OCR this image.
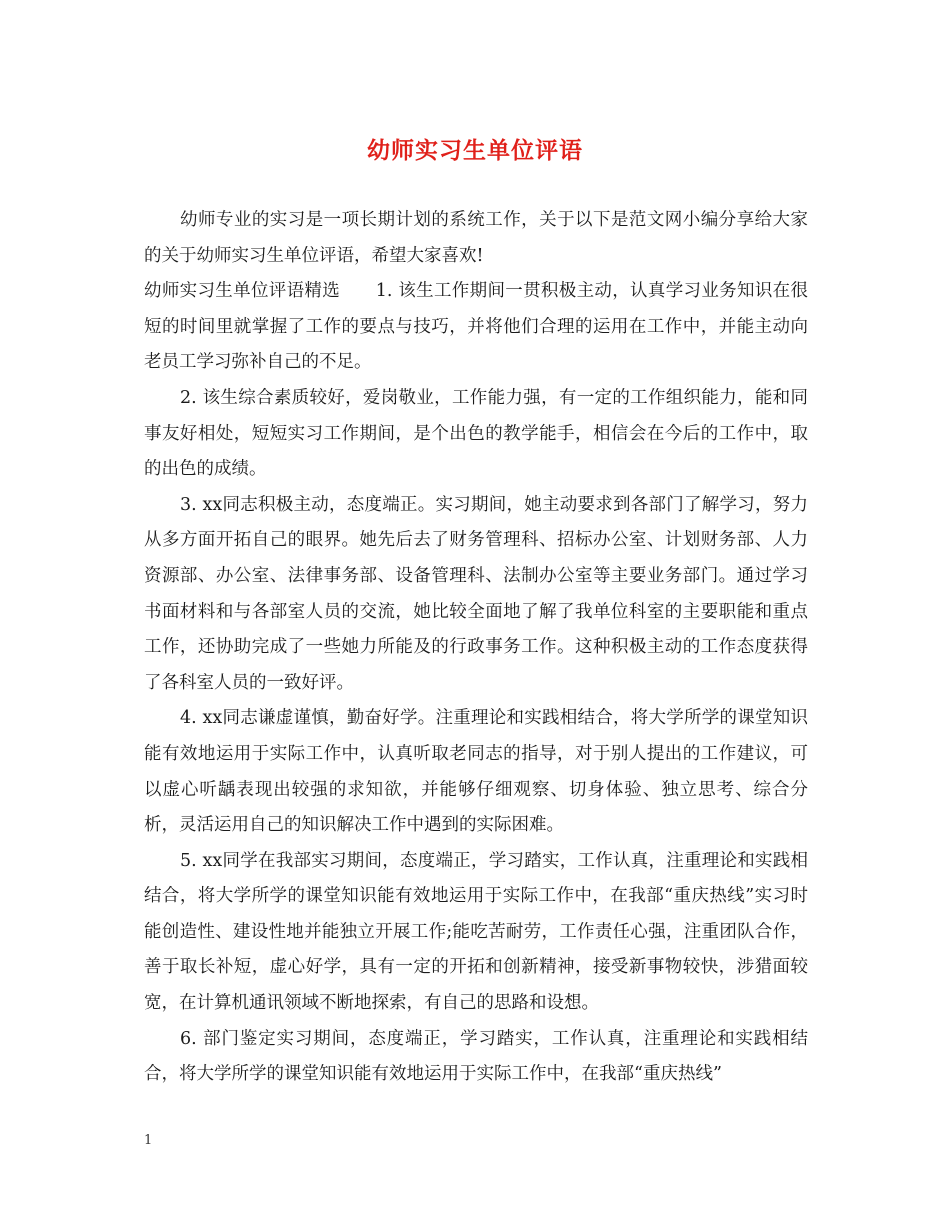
幼师实习生单位评语

幼师专业的实习是一项长期计划的系统工作，关于以下是范文网小编分享给大家的关于幼师实习生单位评语，希望大家喜欢!

幼师实习生单位评语精选　　1. 该生工作期间一贯积极主动，认真学习业务知识在很短的时间里就掌握了工作的要点与技巧，并将他们合理的运用在工作中，并能主动向老员工学习弥补自己的不足。

2. 该生综合素质较好，爱岗敬业，工作能力强，有一定的工作组织能力，能和同事友好相处，短短实习工作期间，是个出色的教学能手，相信会在今后的工作中，取的出色的成绩。

3. xx同志积极主动，态度端正。实习期间，她主动要求到各部门了解学习，努力从多方面开拓自己的眼界。她先后去了财务管理科、招标办公室、计划财务部、人力资源部、办公室、法律事务部、设备管理科、法制办公室等主要业务部门。通过学习书面材料和与各部室人员的交流，她比较全面地了解了我单位科室的主要职能和重点工作，还协助完成了一些她力所能及的行政事务工作。这种积极主动的工作态度获得了各科室人员的一致好评。

4. xx同志谦虚谨慎，勤奋好学。注重理论和实践相结合，将大学所学的课堂知识能有效地运用于实际工作中，认真听取老同志的指导，对于别人提出的工作建议，可以虚心听龋表现出较强的求知欲，并能够仔细观察、切身体验、独立思考、综合分析，灵活运用自己的知识解决工作中遇到的实际困难。

5. xx同学在我部实习期间，态度端正，学习踏实，工作认真，注重理论和实践相结合，将大学所学的课堂知识能有效地运用于实际工作中，在我部“重庆热线”实习时能创造性、建设性地并能独立开展工作;能吃苦耐劳，工作责任心强，注重团队合作，善于取长补短，虚心好学，具有一定的开拓和创新精神，接受新事物较快，涉猎面较宽，在计算机通讯领域不断地探索，有自己的思路和设想。

6. 部门鉴定实习期间，态度端正，学习踏实，工作认真，注重理论和实践相结合，将大学所学的课堂知识能有效地运用于实际工作中，在我部“重庆热线”

1
